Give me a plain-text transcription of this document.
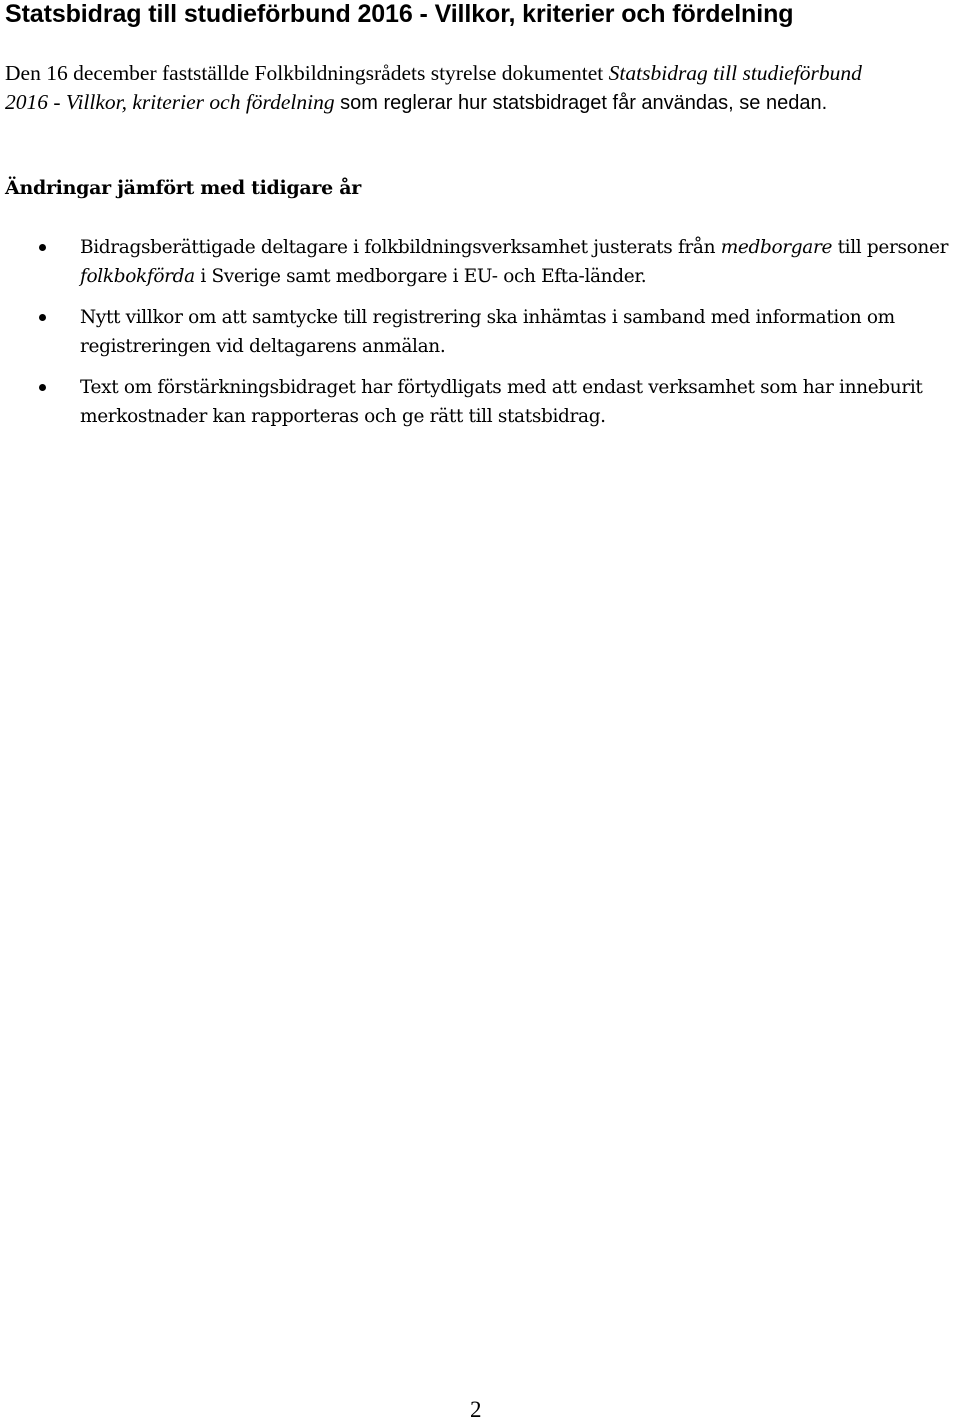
Statsbidrag till studieförbund 2016 - Villkor, kriterier och fördelning

Den 16 december fastställde Folkbildningsrådets styrelse dokumentet Statsbidrag till studieförbund 2016 - Villkor, kriterier och fördelning som reglerar hur statsbidraget får användas, se nedan.

Ändringar jämfört med tidigare år
Bidragsberättigade deltagare i folkbildningsverksamhet justerats från medborgare till personer folkbokförda i Sverige samt medborgare i EU- och Efta-länder.
Nytt villkor om att samtycke till registrering ska inhämtas i samband med information om registreringen vid deltagarens anmälan.
Text om förstärkningsbidraget har förtydligats med att endast verksamhet som har inneburit merkostnader kan rapporteras och ge rätt till statsbidrag.

2
